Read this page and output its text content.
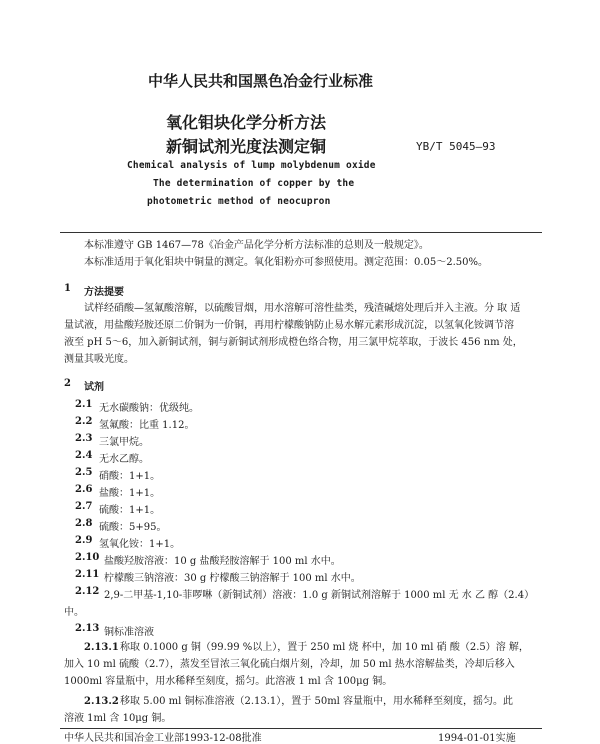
中华人民共和国黑色冶金行业标准
氧化钼块化学分析方法
新铜试剂光度法测定铜	YB/T 5045—93
Chemical analysis of lump molybdenum oxide
The determination of copper by the
photometric method of neocupron
本标准遵守 GB 1467—78《冶金产品化学分析方法标准的总则及一般规定》。
本标准适用于氧化钼块中铜量的测定。氧化钼粉亦可参照使用。测定范围：0.05～2.50%。
1 方法提要
试样经硝酸—氢氟酸溶解，以硫酸冒烟，用水溶解可溶性盐类，残渣碱熔处理后并入主液。分 取 适
量试液，用盐酸羟胺还原二价铜为一价铜，再用柠檬酸钠防止易水解元素形成沉淀，以氢氧化铵调节溶
液至 pH 5～6，加入新铜试剂，铜与新铜试剂形成橙色络合物，用三氯甲烷萃取，于波长 456 nm 处，
测量其吸光度。
2 试剂
2.1 无水碳酸钠：优级纯。
2.2 氢氟酸：比重 1.12。
2.3 三氯甲烷。
2.4 无水乙醇。
2.5 硝酸：1+1。
2.6 盐酸：1+1。
2.7 硫酸：1+1。
2.8 硫酸：5+95。
2.9 氢氧化铵：1+1。
2.10 盐酸羟胺溶液：10 g 盐酸羟胺溶解于 100 ml 水中。
2.11 柠檬酸三钠溶液：30 g 柠檬酸三钠溶解于 100 ml 水中。
2.12 2,9-二甲基-1,10-菲啰啉（新铜试剂）溶液：1.0 g 新铜试剂溶解于 1000 ml 无 水 乙 醇（2.4）
中。
2.13 铜标准溶液
2.13.1 称取 0.1000 g 铜（99.99 %以上），置于 250 ml 烧 杯中，加 10 ml 硝 酸（2.5）溶 解，
加入 10 ml 硫酸（2.7），蒸发至冒浓三氧化硫白烟片刻，冷却，加 50 ml 热水溶解盐类，冷却后移入
1000ml 容量瓶中，用水稀释至刻度，摇匀。此溶液 1 ml 含 100μg 铜。
2.13.2 移取 5.00 ml 铜标准溶液（2.13.1），置于 50ml 容量瓶中，用水稀释至刻度，摇匀。此
溶液 1ml 含 10μg 铜。
中华人民共和国冶金工业部1993-12-08批准	1994-01-01实施
